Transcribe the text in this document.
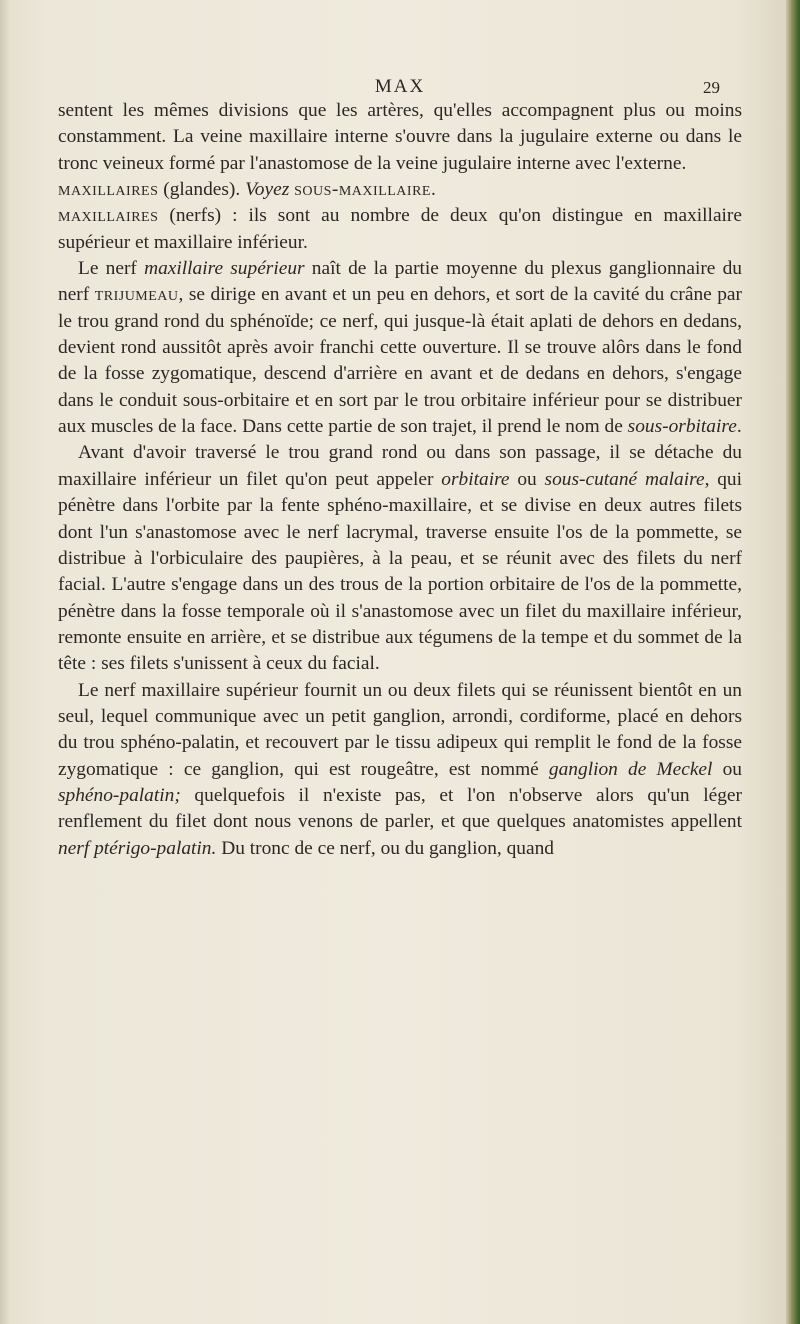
MAX	29

sentent les mêmes divisions que les artères, qu'elles accompagnent plus ou moins constamment. La veine maxillaire interne s'ouvre dans la jugulaire externe ou dans le tronc veineux formé par l'anastomose de la veine jugulaire interne avec l'externe.

maxillaires (glandes). Voyez sous-maxillaire.

maxillaires (nerfs) : ils sont au nombre de deux qu'on distingue en maxillaire supérieur et maxillaire inférieur.

Le nerf maxillaire supérieur naît de la partie moyenne du plexus ganglionnaire du nerf trijumeau, se dirige en avant et un peu en dehors, et sort de la cavité du crâne par le trou grand rond du sphénoïde; ce nerf, qui jusque-là était aplati de dehors en dedans, devient rond aussitôt après avoir franchi cette ouverture. Il se trouve alôrs dans le fond de la fosse zygomatique, descend d'arrière en avant et de dedans en dehors, s'engage dans le conduit sous-orbitaire et en sort par le trou orbitaire inférieur pour se distribuer aux muscles de la face. Dans cette partie de son trajet, il prend le nom de sous-orbitaire.

Avant d'avoir traversé le trou grand rond ou dans son passage, il se détache du maxillaire inférieur un filet qu'on peut appeler orbitaire ou sous-cutané malaire, qui pénètre dans l'orbite par la fente sphéno-maxillaire, et se divise en deux autres filets dont l'un s'anastomose avec le nerf lacrymal, traverse ensuite l'os de la pommette, se distribue à l'orbiculaire des paupières, à la peau, et se réunit avec des filets du nerf facial. L'autre s'engage dans un des trous de la portion orbitaire de l'os de la pommette, pénètre dans la fosse temporale où il s'anastomose avec un filet du maxillaire inférieur, remonte ensuite en arrière, et se distribue aux tégumens de la tempe et du sommet de la tête : ses filets s'unissent à ceux du facial.

Le nerf maxillaire supérieur fournit un ou deux filets qui se réunissent bientôt en un seul, lequel communique avec un petit ganglion, arrondi, cordiforme, placé en dehors du trou sphéno-palatin, et recouvert par le tissu adipeux qui remplit le fond de la fosse zygomatique : ce ganglion, qui est rougeâtre, est nommé ganglion de Meckel ou sphéno-palatin; quelquefois il n'existe pas, et l'on n'observe alors qu'un léger renflement du filet dont nous venons de parler, et que quelques anatomistes appellent nerf ptérigo-palatin. Du tronc de ce nerf, ou du ganglion, quand
